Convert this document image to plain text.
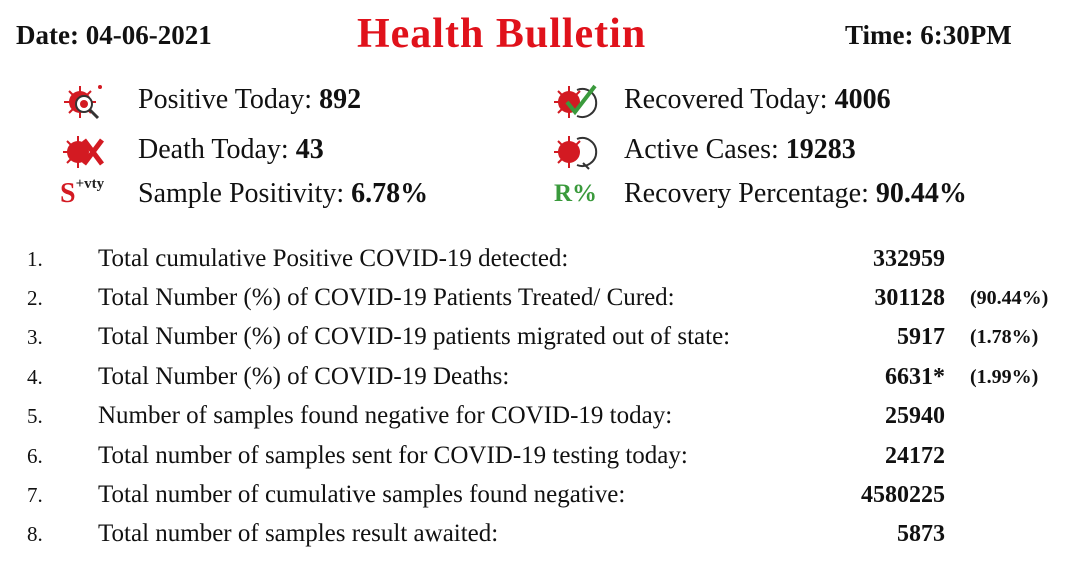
Date: 04-06-2021	Health Bulletin	Time: 6:30PM
Positive Today: 892	Recovered Today: 4006
Death Today: 43	Active Cases: 19283
$S^{+vty}$ Sample Positivity: 6.78%	R% Recovery Percentage: 90.44%
1. Total cumulative Positive COVID-19 detected:	332959
2. Total Number (%) of COVID-19 Patients Treated/ Cured:	301128 (90.44%)
3. Total Number (%) of COVID-19 patients migrated out of state:	5917 (1.78%)
4. Total Number (%) of COVID-19 Deaths:	6631* (1.99%)
5. Number of samples found negative for COVID-19 today:	25940
6. Total number of samples sent for COVID-19 testing today:	24172
7. Total number of cumulative samples found negative:	4580225
8. Total number of samples result awaited:	5873
